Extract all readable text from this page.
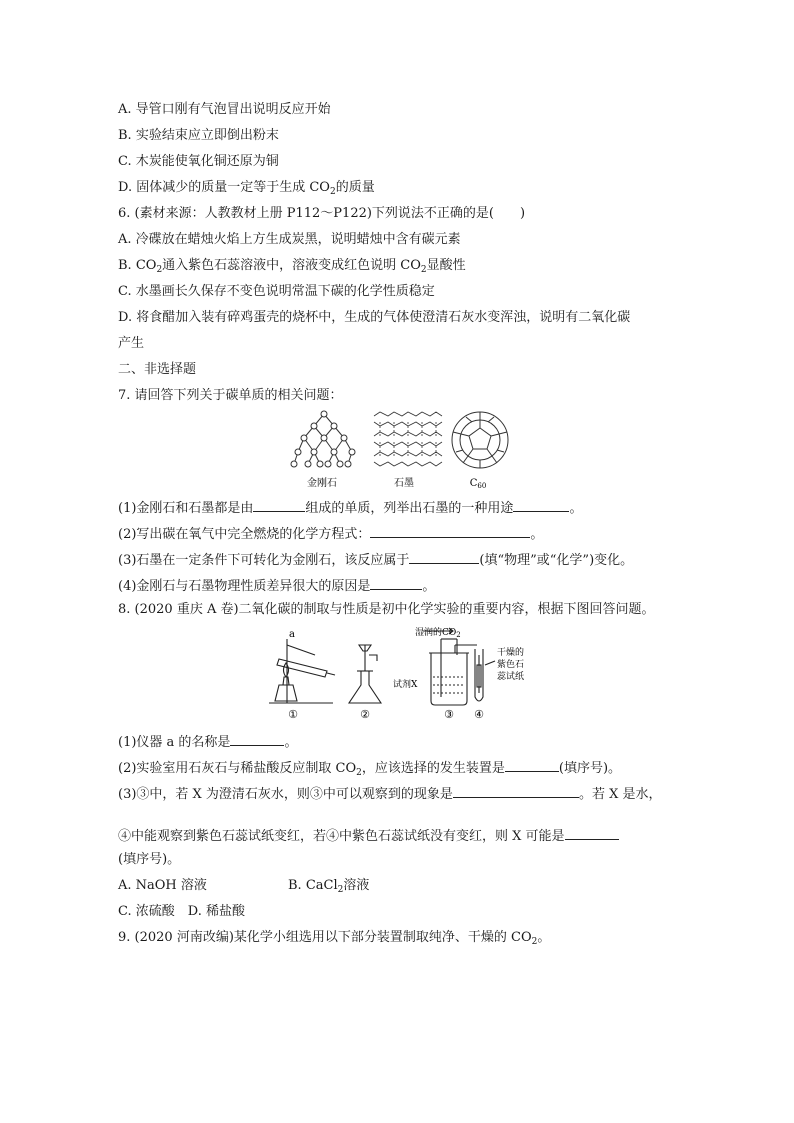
A. 导管口刚有气泡冒出说明反应开始
B. 实验结束应立即倒出粉末
C. 木炭能使氧化铜还原为铜
D. 固体减少的质量一定等于生成 $CO_2$的质量
6. (素材来源：人教教材上册 P112～P122)下列说法不正确的是(　　)
A. 冷碟放在蜡烛火焰上方生成炭黑，说明蜡烛中含有碳元素
B. $CO_2$通入紫色石蕊溶液中，溶液变成红色说明 $CO_2$显酸性
C. 水墨画长久保存不变色说明常温下碳的化学性质稳定
D. 将食醋加入装有碎鸡蛋壳的烧杯中，生成的气体使澄清石灰水变浑浊，说明有二氧化碳
产生
二、非选择题
7. 请回答下列关于碳单质的相关问题：
金刚石	石墨	$C_{60}$
(1)金刚石和石墨都是由	组成的单质，列举出石墨的一种用途	。
(2)写出碳在氧气中完全燃烧的化学方程式：	。
(3)石墨在一定条件下可转化为金刚石，该反应属于	(填“物理”或“化学”)变化。
(4)金刚石与石墨物理性质差异很大的原因是	。
8. (2020 重庆 A 卷)二氧化碳的制取与性质是初中化学实验的重要内容，根据下图回答问题。
a	湿润的$CO_2$
试剂X
干燥的
紫色石
蕊试纸
①	②	③ ④
(1)仪器 a 的名称是	。
(2)实验室用石灰石与稀盐酸反应制取 $CO_2$，应该选择的发生装置是	(填序号)。
(3)③中，若 X 为澄清石灰水，则③中可以观察到的现象是	。若 X 是水，
④中能观察到紫色石蕊试纸变红，若④中紫色石蕊试纸没有变红，则 X 可能是
(填序号)。
A. NaOH 溶液	B. CaCl$_2$溶液
C. 浓硫酸　D. 稀盐酸
9. (2020 河南改编)某化学小组选用以下部分装置制取纯净、干燥的 $CO_2$。
